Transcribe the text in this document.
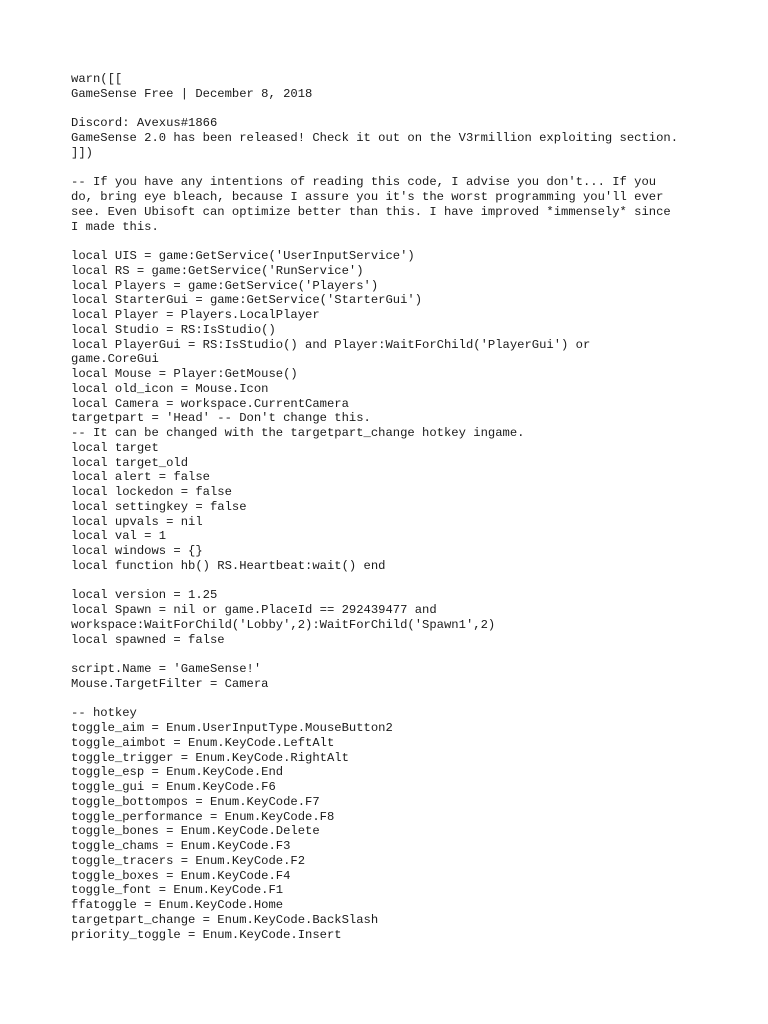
warn([[
GameSense Free | December 8, 2018
Discord: Avexus#1866
GameSense 2.0 has been released! Check it out on the V3rmillion exploiting section.
]])
-- If you have any intentions of reading this code, I advise you don't... If you
do, bring eye bleach, because I assure you it's the worst programming you'll ever
see. Even Ubisoft can optimize better than this. I have improved *immensely* since
I made this.
local UIS = game:GetService('UserInputService')
local RS = game:GetService('RunService')
local Players = game:GetService('Players')
local StarterGui = game:GetService('StarterGui')
local Player = Players.LocalPlayer
local Studio = RS:IsStudio()
local PlayerGui = RS:IsStudio() and Player:WaitForChild('PlayerGui') or
game.CoreGui
local Mouse = Player:GetMouse()
local old_icon = Mouse.Icon
local Camera = workspace.CurrentCamera
targetpart = 'Head' -- Don't change this.
-- It can be changed with the targetpart_change hotkey ingame.
local target
local target_old
local alert = false
local lockedon = false
local settingkey = false
local upvals = nil
local val = 1
local windows = {}
local function hb() RS.Heartbeat:wait() end
local version = 1.25
local Spawn = nil or game.PlaceId == 292439477 and
workspace:WaitForChild('Lobby',2):WaitForChild('Spawn1',2)
local spawned = false
script.Name = 'GameSense!'
Mouse.TargetFilter = Camera
-- hotkey
toggle_aim = Enum.UserInputType.MouseButton2
toggle_aimbot = Enum.KeyCode.LeftAlt
toggle_trigger = Enum.KeyCode.RightAlt
toggle_esp = Enum.KeyCode.End
toggle_gui = Enum.KeyCode.F6
toggle_bottompos = Enum.KeyCode.F7
toggle_performance = Enum.KeyCode.F8
toggle_bones = Enum.KeyCode.Delete
toggle_chams = Enum.KeyCode.F3
toggle_tracers = Enum.KeyCode.F2
toggle_boxes = Enum.KeyCode.F4
toggle_font = Enum.KeyCode.F1
ffatoggle = Enum.KeyCode.Home
targetpart_change = Enum.KeyCode.BackSlash
priority_toggle = Enum.KeyCode.Insert
